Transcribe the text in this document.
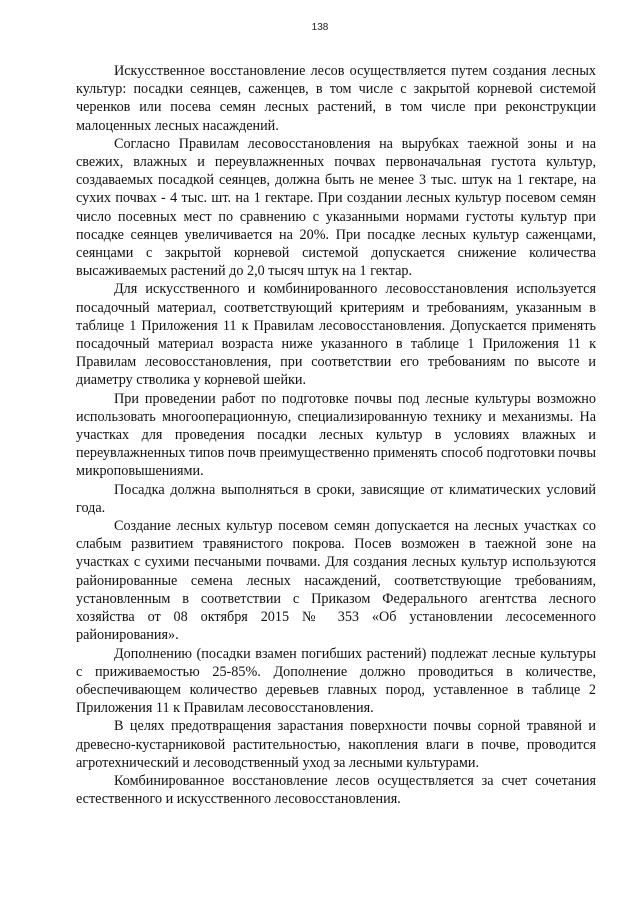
138

Искусственное восстановление лесов осуществляется путем создания лесных культур: посадки сеянцев, саженцев, в том числе с закрытой корневой системой черенков или посева семян лесных растений, в том числе при реконструкции малоценных лесных насаждений.

Согласно Правилам лесовосстановления на вырубках таежной зоны и на свежих, влажных и переувлажненных почвах первоначальная густота культур, создаваемых посадкой сеянцев, должна быть не менее 3 тыс. штук на 1 гектаре, на сухих почвах - 4 тыс. шт. на 1 гектаре. При создании лесных культур посевом семян число посевных мест по сравнению с указанными нормами густоты культур при посадке сеянцев увеличивается на 20%. При посадке лесных культур саженцами, сеянцами с закрытой корневой системой допускается снижение количества высаживаемых растений до 2,0 тысяч штук на 1 гектар.

Для искусственного и комбинированного лесовосстановления используется посадочный материал, соответствующий критериям и требованиям, указанным в таблице 1 Приложения 11 к Правилам лесовосстановления. Допускается применять посадочный материал возраста ниже указанного в таблице 1 Приложения 11 к Правилам лесовосстановления, при соответствии его требованиям по высоте и диаметру стволика у корневой шейки.

При проведении работ по подготовке почвы под лесные культуры возможно использовать многооперационную, специализированную технику и механизмы. На участках для проведения посадки лесных культур в условиях влажных и переувлажненных типов почв преимущественно применять способ подготовки почвы микроповышениями.

Посадка должна выполняться в сроки, зависящие от климатических условий года.

Создание лесных культур посевом семян допускается на лесных участках со слабым развитием травянистого покрова. Посев возможен в таежной зоне на участках с сухими песчаными почвами. Для создания лесных культур используются районированные семена лесных насаждений, соответствующие требованиям, установленным в соответствии с Приказом Федерального агентства лесного хозяйства от 08 октября 2015 № 353 «Об установлении лесосеменного районирования».

Дополнению (посадки взамен погибших растений) подлежат лесные культуры с приживаемостью 25-85%. Дополнение должно проводиться в количестве, обеспечивающем количество деревьев главных пород, уставленное в таблице 2 Приложения 11 к Правилам лесовосстановления.

В целях предотвращения зарастания поверхности почвы сорной травяной и древесно-кустарниковой растительностью, накопления влаги в почве, проводится агротехнический и лесоводственный уход за лесными культурами.

Комбинированное восстановление лесов осуществляется за счет сочетания естественного и искусственного лесовосстановления.
